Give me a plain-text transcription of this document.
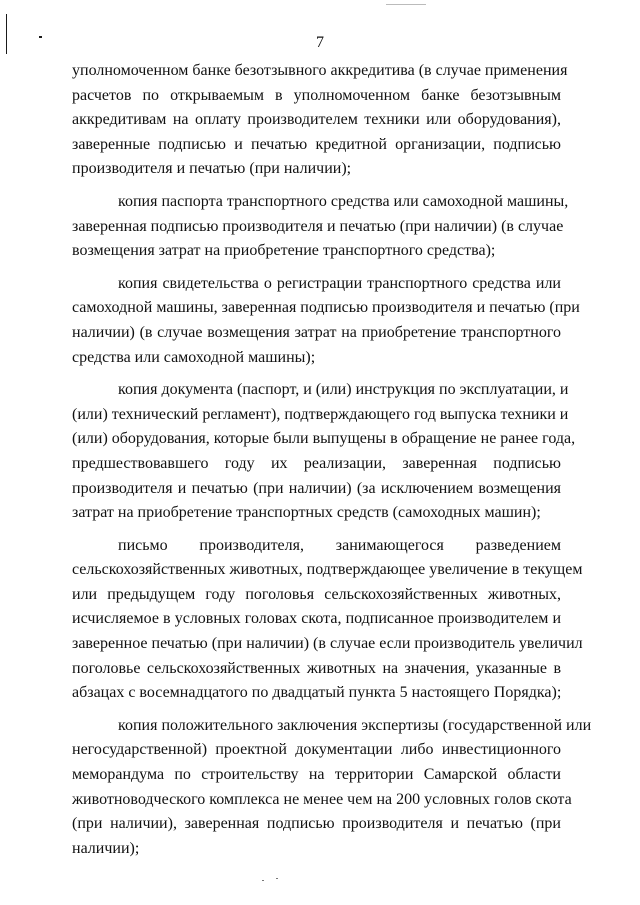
7

уполномоченном банке безотзывного аккредитива (в случае применения
расчетов по открываемым в уполномоченном банке безотзывным
аккредитивам на оплату производителем техники или оборудования),
заверенные подписью и печатью кредитной организации, подписью
производителя и печатью (при наличии);

копия паспорта транспортного средства или самоходной машины,
заверенная подписью производителя и печатью (при наличии) (в случае
возмещения затрат на приобретение транспортного средства);

копия свидетельства о регистрации транспортного средства или
самоходной машины, заверенная подписью производителя и печатью (при
наличии) (в случае возмещения затрат на приобретение транспортного
средства или самоходной машины);

копия документа (паспорт, и (или) инструкция по эксплуатации, и
(или) технический регламент), подтверждающего год выпуска техники и
(или) оборудования, которые были выпущены в обращение не ранее года,
предшествовавшего году их реализации, заверенная подписью
производителя и печатью (при наличии) (за исключением возмещения
затрат на приобретение транспортных средств (самоходных машин);

письмо производителя, занимающегося разведением
сельскохозяйственных животных, подтверждающее увеличение в текущем
или предыдущем году поголовья сельскохозяйственных животных,
исчисляемое в условных головах скота, подписанное производителем и
заверенное печатью (при наличии) (в случае если производитель увеличил
поголовье сельскохозяйственных животных на значения, указанные в
абзацах с восемнадцатого по двадцатый пункта 5 настоящего Порядка);

копия положительного заключения экспертизы (государственной или
негосударственной) проектной документации либо инвестиционного
меморандума по строительству на территории Самарской области
животноводческого комплекса не менее чем на 200 условных голов скота
(при наличии), заверенная подписью производителя и печатью (при
наличии);
